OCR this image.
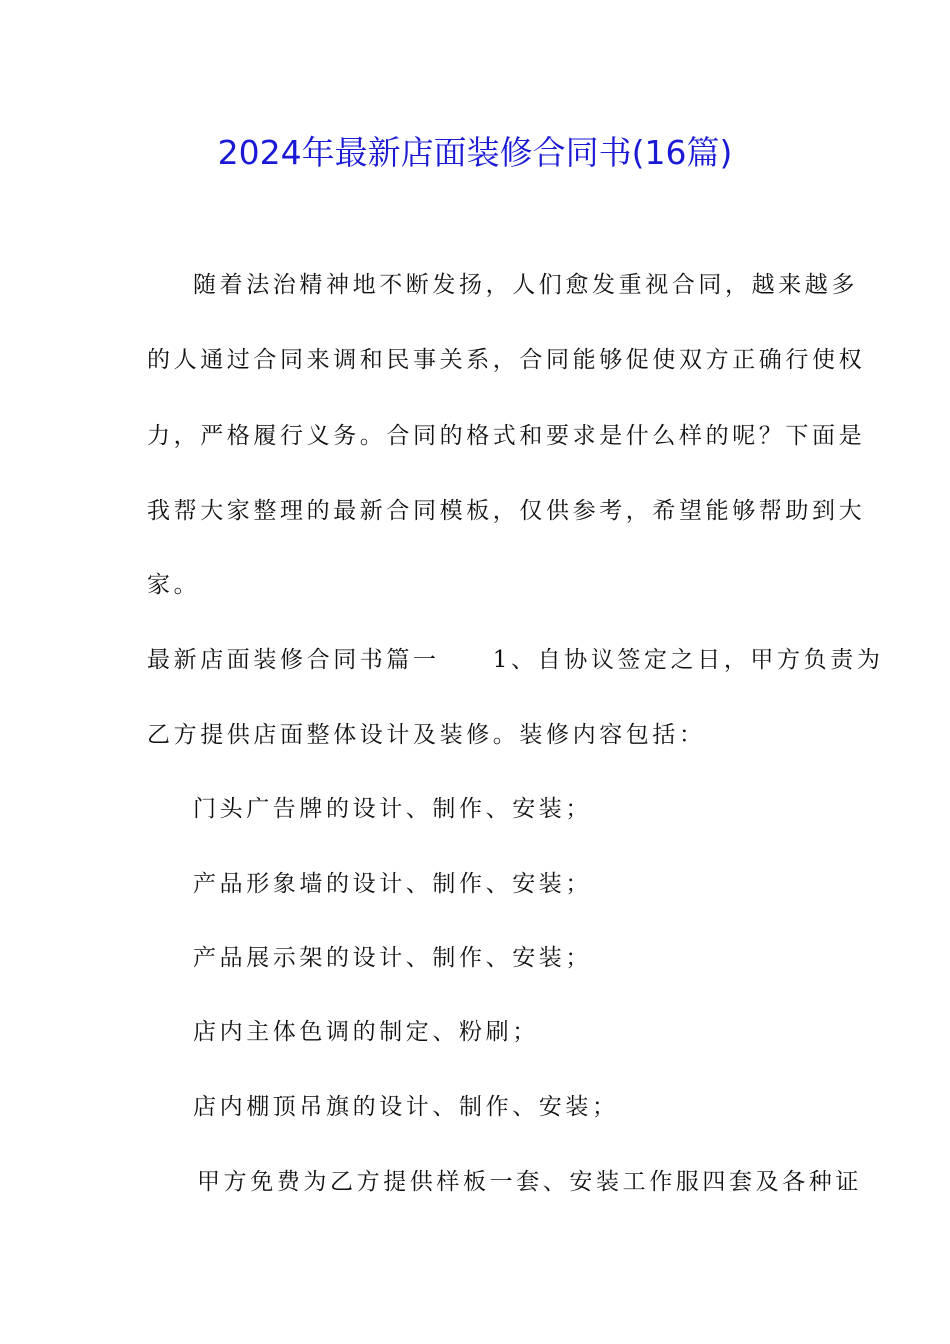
2024年最新店面装修合同书(16篇)
随着法治精神地不断发扬，人们愈发重视合同，越来越多
的人通过合同来调和民事关系，合同能够促使双方正确行使权
力，严格履行义务。合同的格式和要求是什么样的呢？下面是
我帮大家整理的最新合同模板，仅供参考，希望能够帮助到大
家。
最新店面装修合同书篇一　　1、自协议签定之日，甲方负责为
乙方提供店面整体设计及装修。装修内容包括：
门头广告牌的设计、制作、安装；
产品形象墙的设计、制作、安装；
产品展示架的设计、制作、安装；
店内主体色调的制定、粉刷；
店内棚顶吊旗的设计、制作、安装；
甲方免费为乙方提供样板一套、安装工作服四套及各种证
